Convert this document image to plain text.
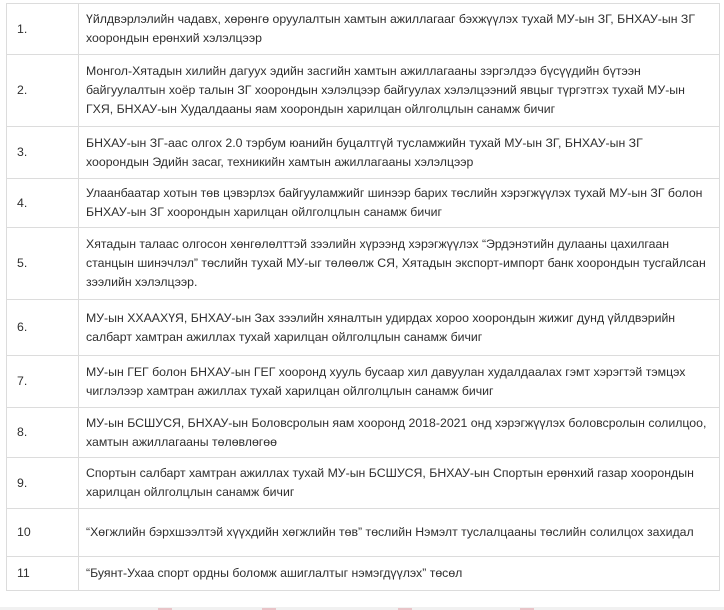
1.	Үйлдвэрлэлийн чадавх, хөрөнгө оруулалтын хамтын ажиллагааг бэхжүүлэх тухай МУ-ын ЗГ, БНХАУ-ын ЗГ хоорондын ерөнхий хэлэлцээр
2.	Монгол-Хятадын хилийн дагуух эдийн засгийн хамтын ажиллагааны зэргэлдээ бүсүүдийн бүтээн байгуулалтын хоёр талын ЗГ хоорондын хэлэлцээр байгуулах хэлэлцээний явцыг түргэтгэх тухай МУ-ын ГХЯ, БНХАУ-ын Худалдааны яам хоорондын харилцан ойлголцлын санамж бичиг
3.	БНХАУ-ын ЗГ-аас олгох 2.0 тэрбум юанийн буцалтгүй тусламжийн тухай МУ-ын ЗГ, БНХАУ-ын ЗГ хоорондын Эдийн засаг, техникийн хамтын ажиллагааны хэлэлцээр
4.	Улаанбаатар хотын төв цэвэрлэх байгууламжийг шинээр барих төслийн хэрэгжүүлэх тухай МУ-ын ЗГ болон БНХАУ-ын ЗГ хоорондын харилцан ойлголцлын санамж бичиг
5.	Хятадын талаас олгосон хөнгөлөлттэй зээлийн хүрээнд хэрэгжүүлэх “Эрдэнэтийн дулааны цахилгаан станцын шинэчлэл” төслийн тухай МУ-ыг төлөөлж СЯ, Хятадын экспорт-импорт банк хоорондын тусгайлсан зээлийн хэлэлцээр.
6.	МУ-ын ХХААХҮЯ, БНХАУ-ын Зах зээлийн хяналтын удирдах хороо хоорондын жижиг дунд үйлдвэрийн салбарт хамтран ажиллах тухай харилцан ойлголцлын санамж бичиг
7.	МУ-ын ГЕГ болон БНХАУ-ын ГЕГ хооронд хууль бусаар хил давуулан худалдаалах гэмт хэрэгтэй тэмцэх чиглэлээр хамтран ажиллах тухай харилцан ойлголцлын санамж бичиг
8.	МУ-ын БСШУСЯ, БНХАУ-ын Боловсролын яам хооронд 2018-2021 онд хэрэгжүүлэх боловсролын солилцоо, хамтын ажиллагааны төлөвлөгөө
9.	Спортын салбарт хамтран ажиллах тухай МУ-ын БСШУСЯ, БНХАУ-ын Спортын ерөнхий газар хоорондын харилцан ойлголцлын санамж бичиг
10	“Хөгжлийн бэрхшээлтэй хүүхдийн хөгжлийн төв” төслийн Нэмэлт туслалцааны төслийн солилцох захидал
11	“Буянт-Ухаа спорт ордны боломж ашиглалтыг нэмэгдүүлэх” төсөл
